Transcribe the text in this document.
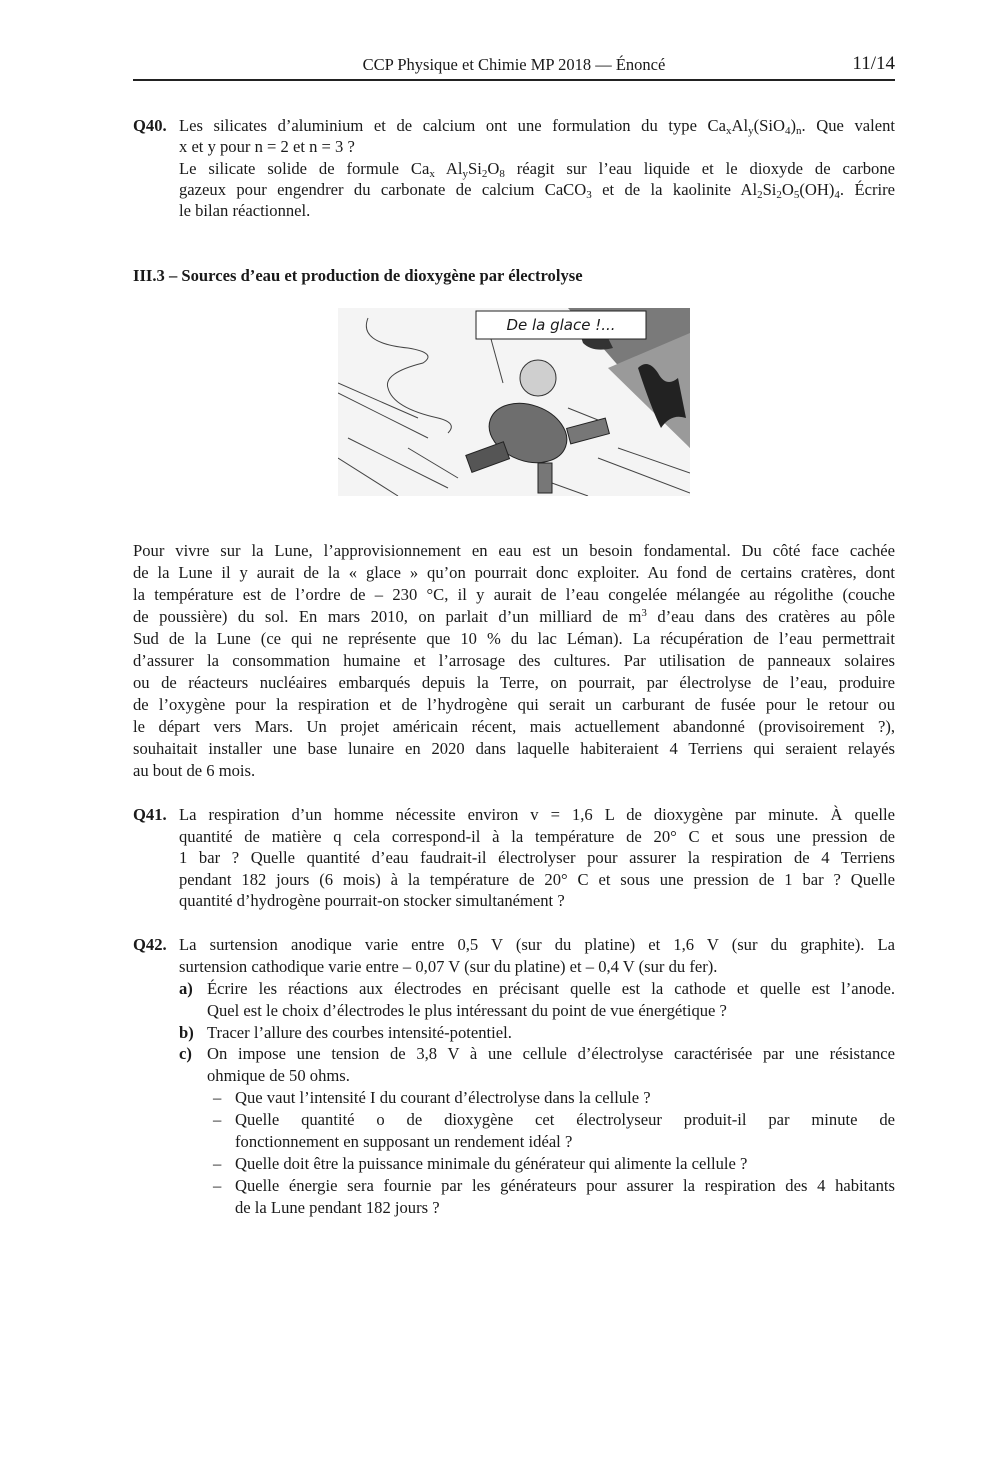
CCP Physique et Chimie MP 2018 — Énoncé	11/14
Q40. Les silicates d’aluminium et de calcium ont une formulation du type $Ca_xAl_y(SiO_4)_n$. Que valent
x et y pour n = 2 et n = 3 ?
Le silicate solide de formule $Ca_x$ $Al_ySi_2O_8$ réagit sur l’eau liquide et le dioxyde de carbone
gazeux pour engendrer du carbonate de calcium CaCO$_3$ et de la kaolinite $Al_2Si_2O_5(OH)_4$. Écrire
le bilan réactionnel.
III.3 – Sources d’eau et production de dioxygène par électrolyse
De la glace !...
Pour vivre sur la Lune, l’approvisionnement en eau est un besoin fondamental. Du côté face cachée
de la Lune il y aurait de la « glace » qu’on pourrait donc exploiter. Au fond de certains cratères, dont
la température est de l’ordre de – 230 °C, il y aurait de l’eau congelée mélangée au régolithe (couche
de poussière) du sol. En mars 2010, on parlait d’un milliard de $m^3$ d’eau dans des cratères au pôle
Sud de la Lune (ce qui ne représente que 10 % du lac Léman). La récupération de l’eau permettrait
d’assurer la consommation humaine et l’arrosage des cultures. Par utilisation de panneaux solaires
ou de réacteurs nucléaires embarqués depuis la Terre, on pourrait, par électrolyse de l’eau, produire
de l’oxygène pour la respiration et de l’hydrogène qui serait un carburant de fusée pour le retour ou
le départ vers Mars. Un projet américain récent, mais actuellement abandonné (provisoirement ?),
souhaitait installer une base lunaire en 2020 dans laquelle habiteraient 4 Terriens qui seraient relayés
au bout de 6 mois.
Q41. La respiration d’un homme nécessite environ v = 1,6 L de dioxygène par minute. À quelle
quantité de matière q cela correspond-il à la température de 20° C et sous une pression de
1 bar ? Quelle quantité d’eau faudrait-il électrolyser pour assurer la respiration de 4 Terriens
pendant 182 jours (6 mois) à la température de 20° C et sous une pression de 1 bar ? Quelle
quantité d’hydrogène pourrait-on stocker simultanément ?
Q42. La surtension anodique varie entre 0,5 V (sur du platine) et 1,6 V (sur du graphite). La
surtension cathodique varie entre – 0,07 V (sur du platine) et – 0,4 V (sur du fer).
a) Écrire les réactions aux électrodes en précisant quelle est la cathode et quelle est l’anode.
Quel est le choix d’électrodes le plus intéressant du point de vue énergétique ?
b) Tracer l’allure des courbes intensité-potentiel.
c) On impose une tension de 3,8 V à une cellule d’électrolyse caractérisée par une résistance
ohmique de 50 ohms.
– Que vaut l’intensité I du courant d’électrolyse dans la cellule ?
– Quelle quantité o de dioxygène cet électrolyseur produit-il par minute de
fonctionnement en supposant un rendement idéal ?
– Quelle doit être la puissance minimale du générateur qui alimente la cellule ?
– Quelle énergie sera fournie par les générateurs pour assurer la respiration des 4 habitants
de la Lune pendant 182 jours ?
